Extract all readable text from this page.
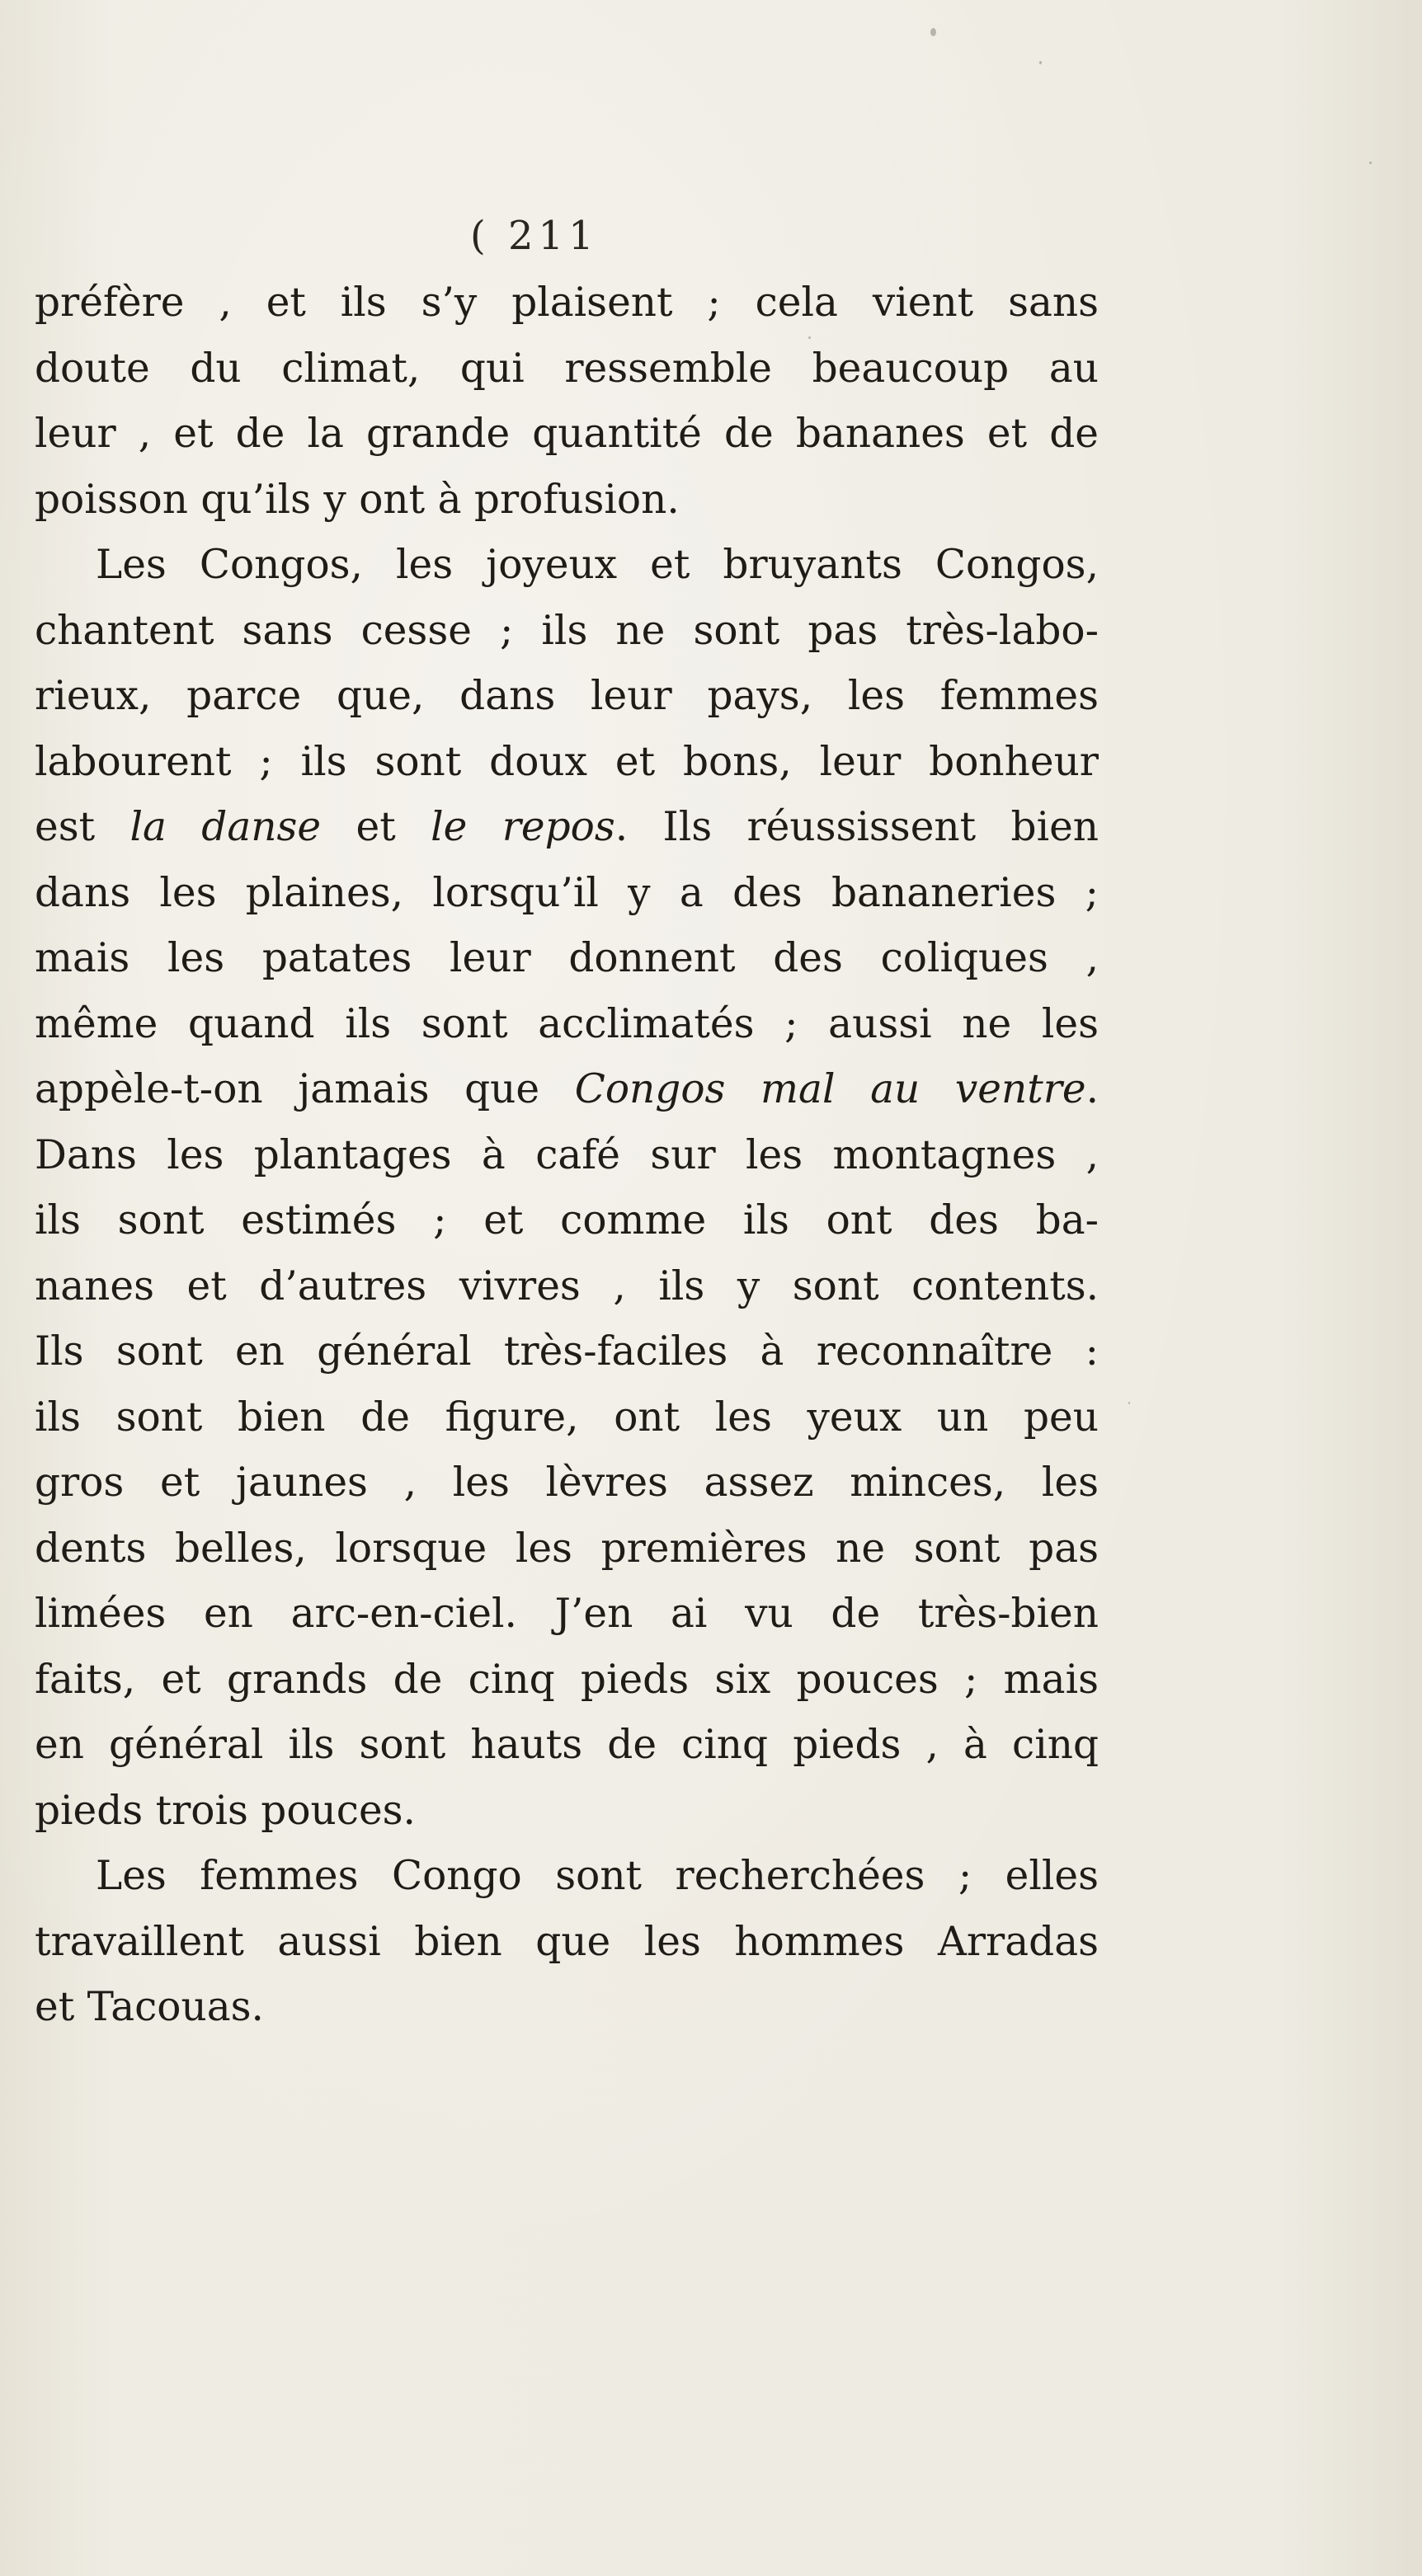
( 211

préfère , et ils s’y plaisent ; cela vient sans
doute du climat, qui ressemble beaucoup au
leur , et de la grande quantité de bananes et de
poisson qu’ils y ont à profusion.

Les Congos, les joyeux et bruyants Congos,
chantent sans cesse ; ils ne sont pas très-labo-
rieux, parce que, dans leur pays, les femmes
labourent ; ils sont doux et bons, leur bonheur
est la danse et le repos. Ils réussissent bien
dans les plaines, lorsqu’il y a des bananeries ;
mais les patates leur donnent des coliques ,
même quand ils sont acclimatés ; aussi ne les
appèle-t-on jamais que Congos mal au ventre.
Dans les plantages à café sur les montagnes ,
ils sont estimés ; et comme ils ont des ba-
nanes et d’autres vivres , ils y sont contents.
Ils sont en général très-faciles à reconnaître :
ils sont bien de figure, ont les yeux un peu
gros et jaunes , les lèvres assez minces, les
dents belles, lorsque les premières ne sont pas
limées en arc-en-ciel. J’en ai vu de très-bien
faits, et grands de cinq pieds six pouces ; mais
en général ils sont hauts de cinq pieds , à cinq
pieds trois pouces.

Les femmes Congo sont recherchées ; elles
travaillent aussi bien que les hommes Arradas
et Tacouas.
